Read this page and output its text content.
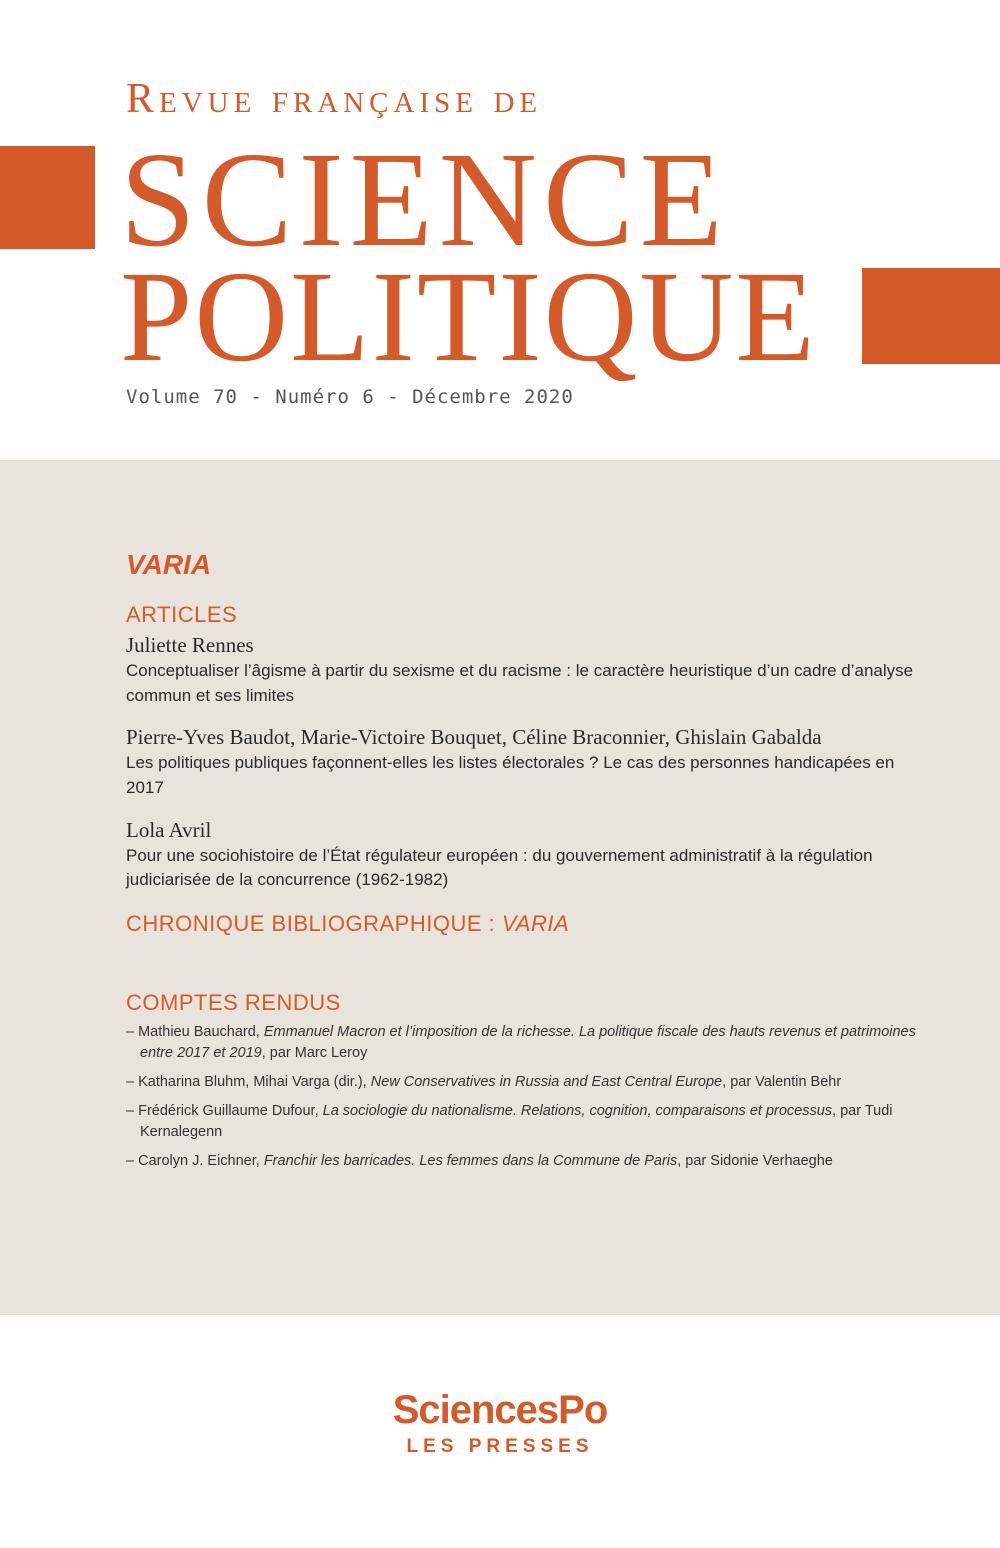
Revue française de
SCIENCE
POLITIQUE
Volume 70 - Numéro 6 - Décembre 2020
VARIA
ARTICLES

Juliette Rennes

Conceptualiser l’âgisme à partir du sexisme et du racisme : le caractère heuristique d’un cadre d’analyse commun et ses limites

Pierre-Yves Baudot, Marie-Victoire Bouquet, Céline Braconnier, Ghislain Gabalda

Les politiques publiques façonnent-elles les listes électorales ? Le cas des personnes handicapées en 2017

Lola Avril

Pour une sociohistoire de l’État régulateur européen : du gouvernement administratif à la régulation judiciarisée de la concurrence (1962-1982)

CHRONIQUE BIBLIOGRAPHIQUE : VARIA
COMPTES RENDUS

– Mathieu Bauchard, Emmanuel Macron et l’imposition de la richesse. La politique fiscale des hauts revenus et patrimoines entre 2017 et 2019, par Marc Leroy

– Katharina Bluhm, Mihai Varga (dir.), New Conservatives in Russia and East Central Europe, par Valentin Behr

– Frédérick Guillaume Dufour, La sociologie du nationalisme. Relations, cognition, comparaisons et processus, par Tudi Kernalegenn

– Carolyn J. Eichner, Franchir les barricades. Les femmes dans la Commune de Paris, par Sidonie Verhaeghe

SciencesPo
LES PRESSES
